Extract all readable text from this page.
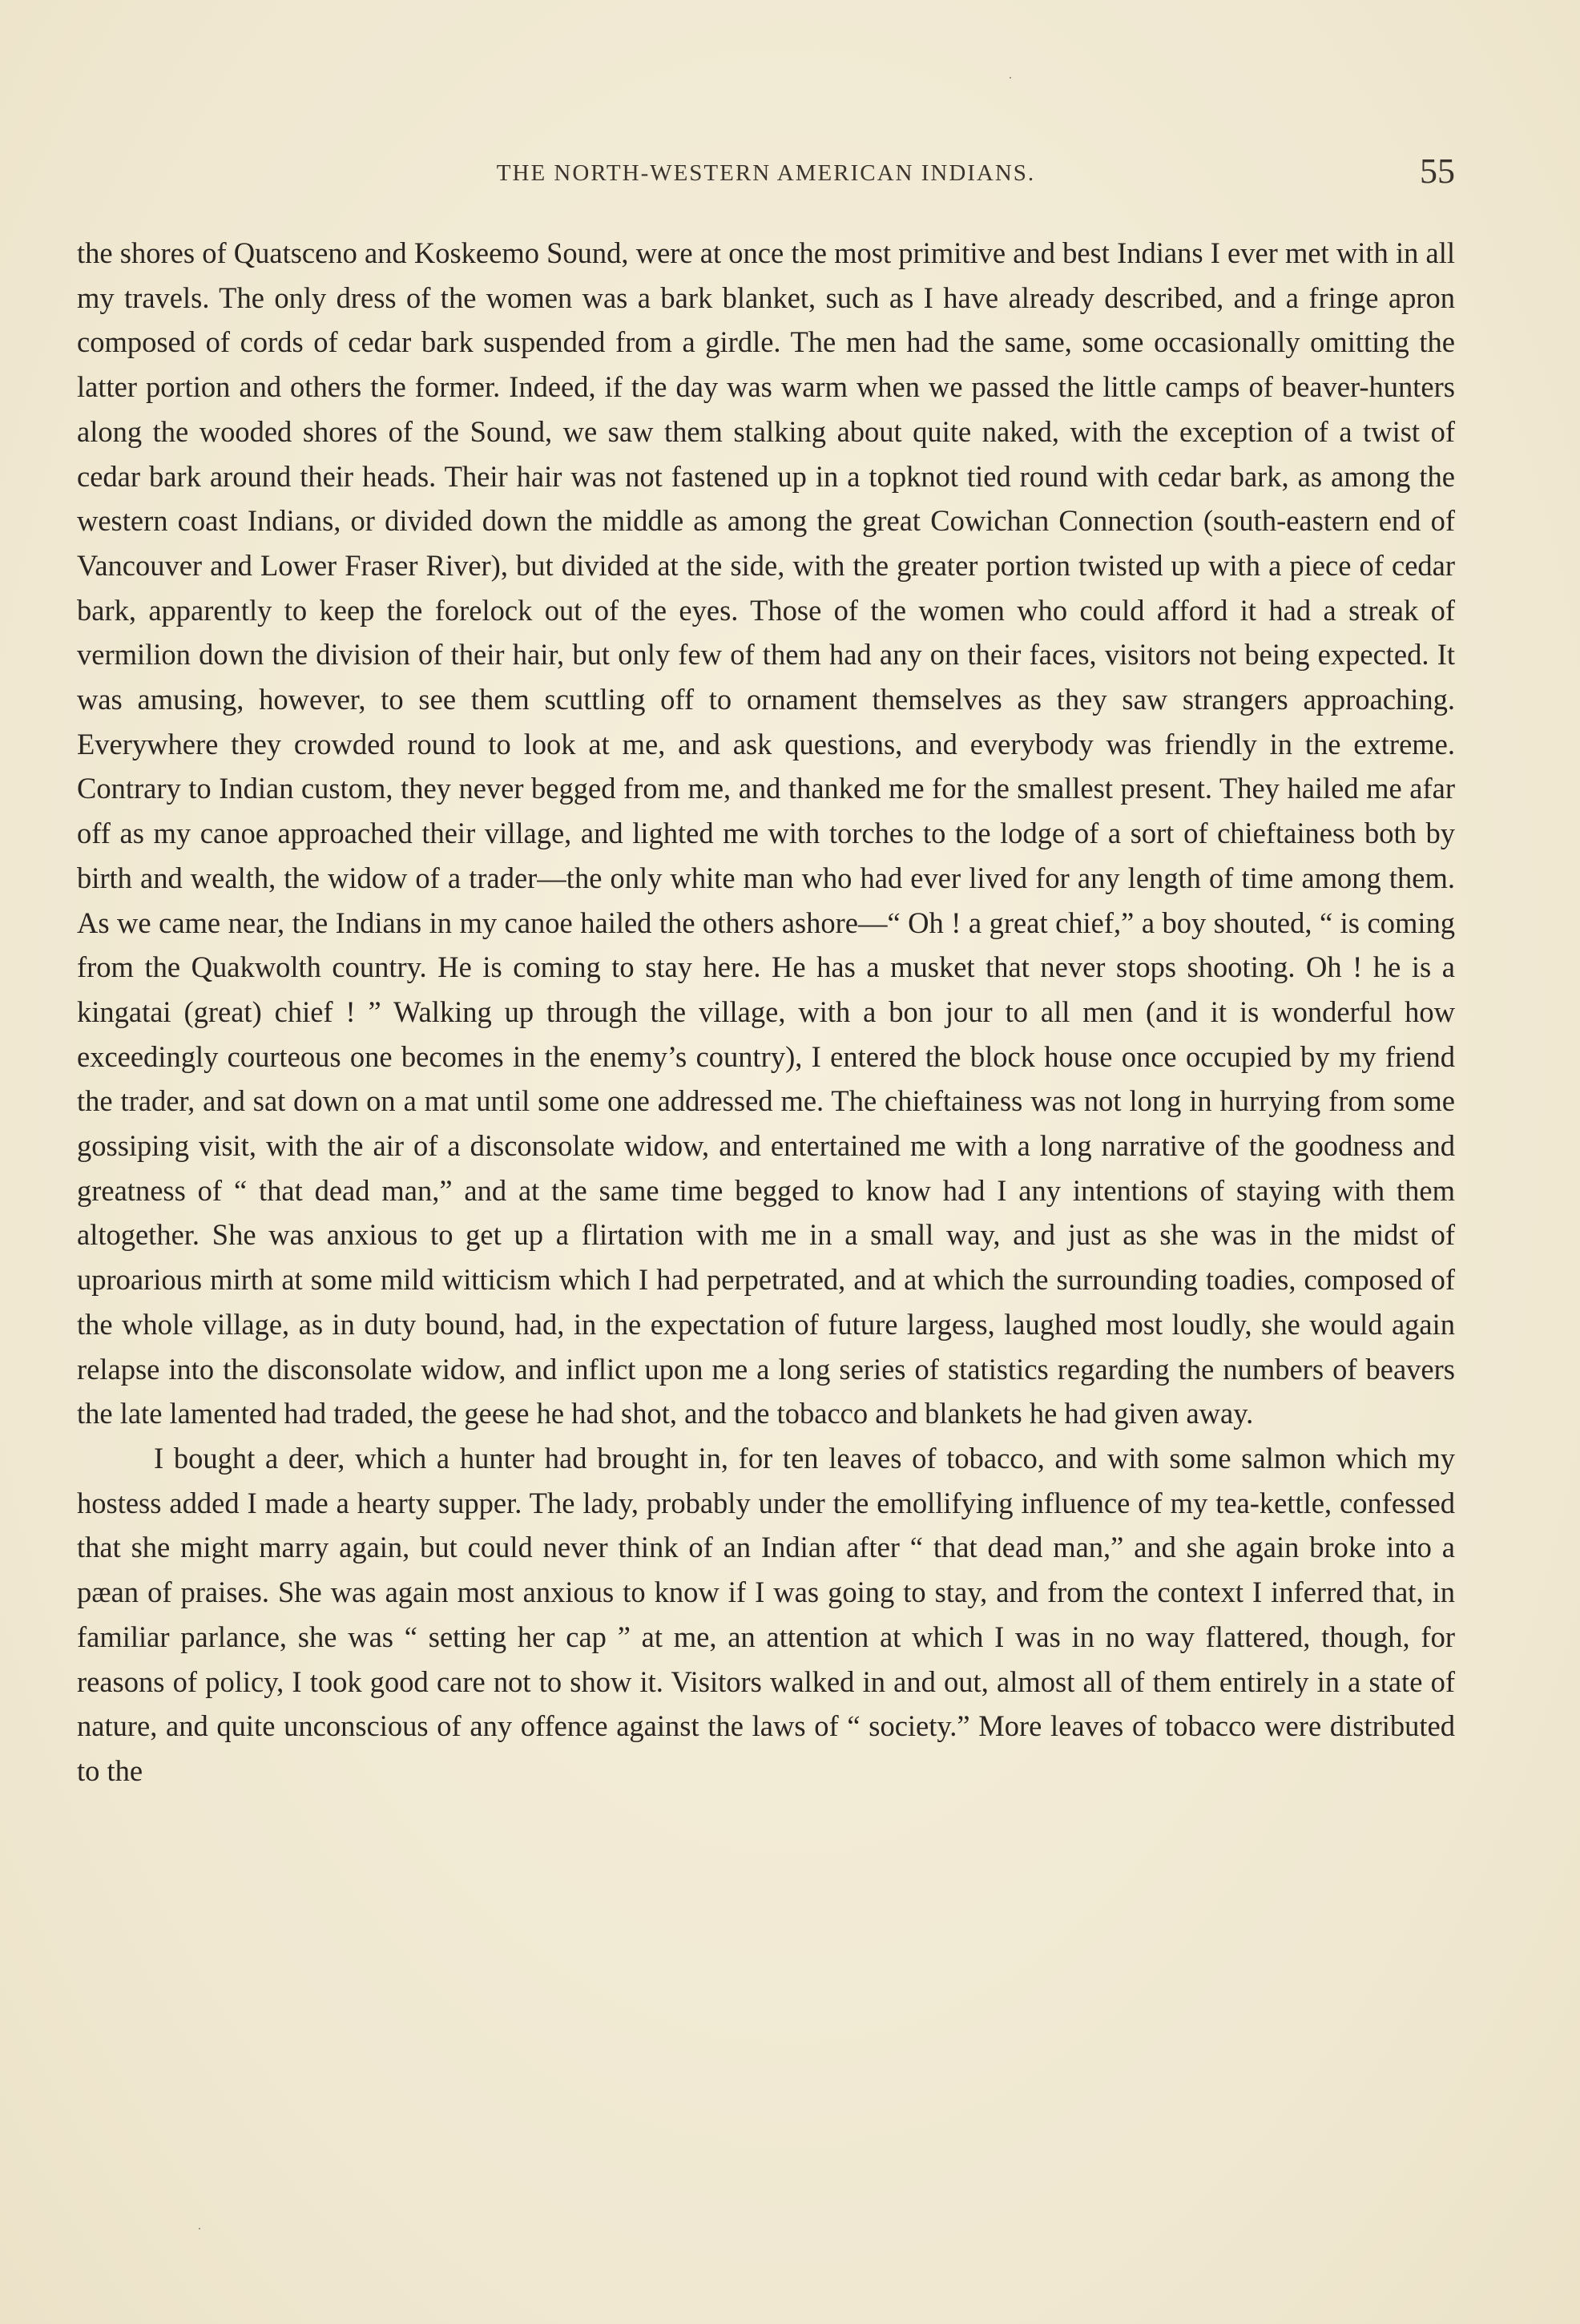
THE NORTH-WESTERN AMERICAN INDIANS.	55

the shores of Quatsceno and Koskeemo Sound, were at once the most primitive and best Indians I ever met with in all my travels. The only dress of the women was a bark blanket, such as I have already described, and a fringe apron composed of cords of cedar bark suspended from a girdle. The men had the same, some occasionally omitting the latter portion and others the former. Indeed, if the day was warm when we passed the little camps of beaver-hunters along the wooded shores of the Sound, we saw them stalking about quite naked, with the exception of a twist of cedar bark around their heads. Their hair was not fastened up in a topknot tied round with cedar bark, as among the western coast Indians, or divided down the middle as among the great Cowichan Connection (south-eastern end of Vancouver and Lower Fraser River), but divided at the side, with the greater portion twisted up with a piece of cedar bark, apparently to keep the forelock out of the eyes. Those of the women who could afford it had a streak of vermilion down the division of their hair, but only few of them had any on their faces, visitors not being expected. It was amusing, however, to see them scuttling off to ornament themselves as they saw strangers approaching. Everywhere they crowded round to look at me, and ask questions, and everybody was friendly in the extreme. Contrary to Indian custom, they never begged from me, and thanked me for the smallest present. They hailed me afar off as my canoe approached their village, and lighted me with torches to the lodge of a sort of chieftainess both by birth and wealth, the widow of a trader—the only white man who had ever lived for any length of time among them. As we came near, the Indians in my canoe hailed the others ashore—“ Oh ! a great chief,” a boy shouted, “ is coming from the Quakwolth country. He is coming to stay here. He has a musket that never stops shooting. Oh ! he is a kingatai (great) chief ! ” Walking up through the village, with a bon jour to all men (and it is wonderful how exceedingly courteous one becomes in the enemy’s country), I entered the block house once occupied by my friend the trader, and sat down on a mat until some one addressed me. The chieftainess was not long in hurrying from some gossiping visit, with the air of a disconsolate widow, and entertained me with a long narrative of the goodness and greatness of “ that dead man,” and at the same time begged to know had I any intentions of staying with them altogether. She was anxious to get up a flirtation with me in a small way, and just as she was in the midst of uproarious mirth at some mild witticism which I had perpetrated, and at which the surrounding toadies, composed of the whole village, as in duty bound, had, in the expectation of future largess, laughed most loudly, she would again relapse into the disconsolate widow, and inflict upon me a long series of statistics regarding the numbers of beavers the late lamented had traded, the geese he had shot, and the tobacco and blankets he had given away.

I bought a deer, which a hunter had brought in, for ten leaves of tobacco, and with some salmon which my hostess added I made a hearty supper. The lady, probably under the emollifying influence of my tea-kettle, confessed that she might marry again, but could never think of an Indian after “ that dead man,” and she again broke into a pæan of praises. She was again most anxious to know if I was going to stay, and from the context I inferred that, in familiar parlance, she was “ setting her cap ” at me, an attention at which I was in no way flattered, though, for reasons of policy, I took good care not to show it. Visitors walked in and out, almost all of them entirely in a state of nature, and quite unconscious of any offence against the laws of “ society.” More leaves of tobacco were distributed to the
